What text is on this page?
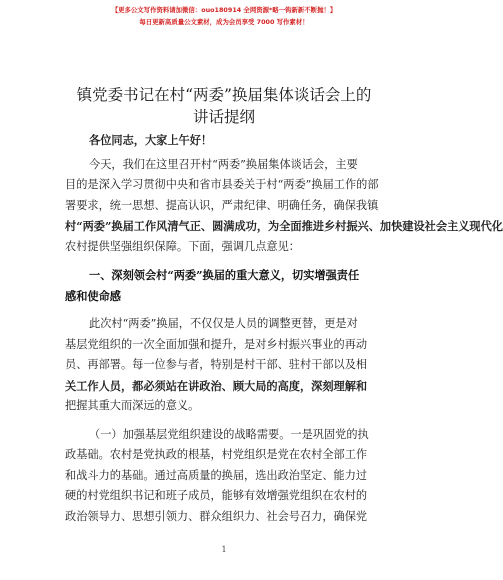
【更多公文写作资料请加微信：ouo180914 全网资源*略一钩新新不断抛！】
每日更新高质量公文素材，成为会员享受 7000 写作素材！
镇党委书记在村“两委”换届集体谈话会上的
讲话提纲

各位同志，大家上午好！

今天，我们在这里召开村“两委”换届集体谈话会，主要

目的是深入学习贯彻中央和省市县委关于村“两委”换届工作的部

署要求，统一思想、提高认识，严肃纪律、明确任务，确保我镇

村“两委”换届工作风清气正、圆满成功，为全面推进乡村振兴、加快建设社会主义现代化

农村提供坚强组织保障。下面，强调几点意见：

一、深刻领会村“两委”换届的重大意义，切实增强责任

感和使命感

此次村“两委”换届，不仅仅是人员的调整更替，更是对

基层党组织的一次全面加强和提升，是对乡村振兴事业的再动

员、再部署。每一位参与者，特别是村干部、驻村干部以及相

关工作人员，都必须站在讲政治、顾大局的高度，深刻理解和

把握其重大而深远的意义。

（一）加强基层党组织建设的战略需要。一是巩固党的执

政基础。农村是党执政的根基，村党组织是党在农村全部工作

和战斗力的基础。通过高质量的换届，选出政治坚定、能力过

硬的村党组织书记和班子成员，能够有效增强党组织在农村的

政治领导力、思想引领力、群众组织力、社会号召力，确保党

1
